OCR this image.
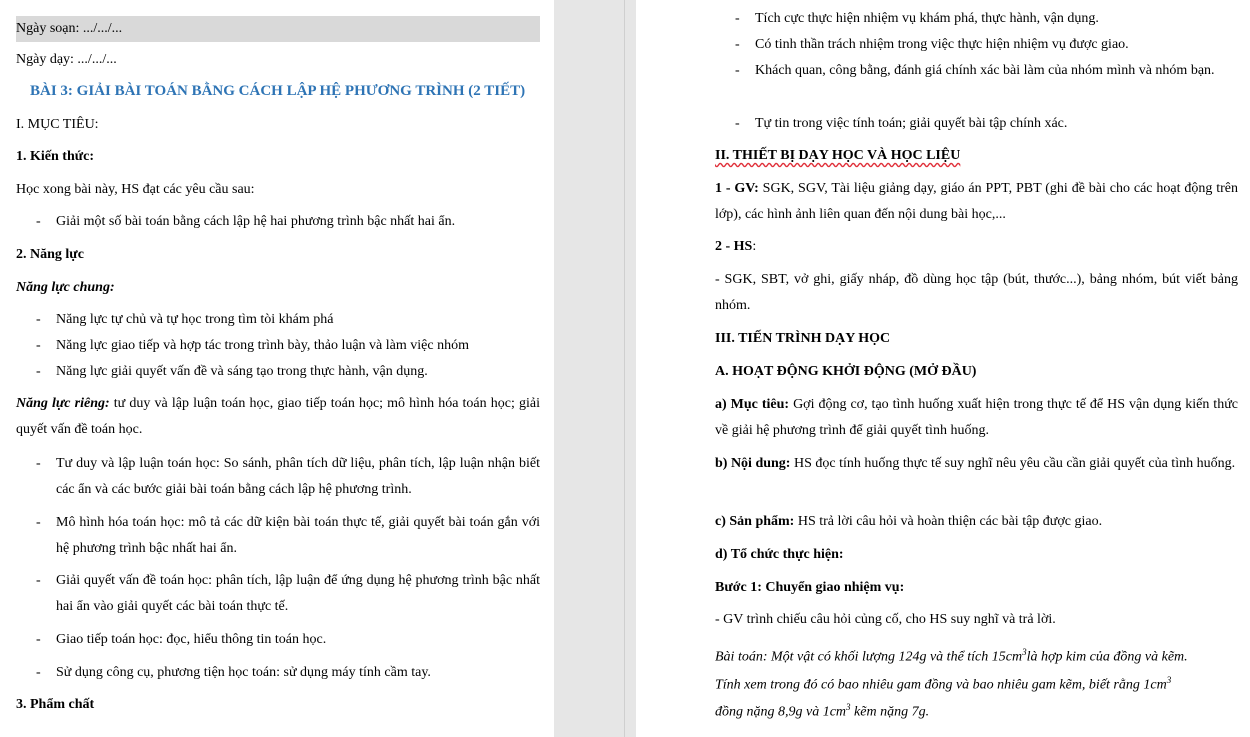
Ngày soạn: .../.../...
Ngày dạy: .../.../...
BÀI 3: GIẢI BÀI TOÁN BẰNG CÁCH LẬP HỆ PHƯƠNG TRÌNH (2 TIẾT)
I. MỤC TIÊU:
1. Kiến thức:
Học xong bài này, HS đạt các yêu cầu sau:
- Giải một số bài toán bằng cách lập hệ hai phương trình bậc nhất hai ẩn.
2. Năng lực
Năng lực chung:
- Năng lực tự chủ và tự học trong tìm tòi khám phá
- Năng lực giao tiếp và hợp tác trong trình bày, thảo luận và làm việc nhóm
- Năng lực giải quyết vấn đề và sáng tạo trong thực hành, vận dụng.
Năng lực riêng: tư duy và lập luận toán học, giao tiếp toán học; mô hình hóa toán học; giải quyết vấn đề toán học.
- Tư duy và lập luận toán học: So sánh, phân tích dữ liệu, phân tích, lập luận nhận biết các ẩn và các bước giải bài toán bằng cách lập hệ phương trình.
- Mô hình hóa toán học: mô tả các dữ kiện bài toán thực tế, giải quyết bài toán gắn với hệ phương trình bậc nhất hai ẩn.
- Giải quyết vấn đề toán học: phân tích, lập luận để ứng dụng hệ phương trình bậc nhất hai ẩn vào giải quyết các bài toán thực tế.
- Giao tiếp toán học: đọc, hiểu thông tin toán học.
- Sử dụng công cụ, phương tiện học toán: sử dụng máy tính cầm tay.
3. Phẩm chất
- Tích cực thực hiện nhiệm vụ khám phá, thực hành, vận dụng.
- Có tinh thần trách nhiệm trong việc thực hiện nhiệm vụ được giao.
- Khách quan, công bằng, đánh giá chính xác bài làm của nhóm mình và nhóm bạn.
- Tự tin trong việc tính toán; giải quyết bài tập chính xác.
II. THIẾT BỊ DẠY HỌC VÀ HỌC LIỆU
1 - GV: SGK, SGV, Tài liệu giảng dạy, giáo án PPT, PBT (ghi đề bài cho các hoạt động trên lớp), các hình ảnh liên quan đến nội dung bài học,...
2 - HS:
- SGK, SBT, vở ghi, giấy nháp, đồ dùng học tập (bút, thước...), bảng nhóm, bút viết bảng nhóm.
III. TIẾN TRÌNH DẠY HỌC
A. HOẠT ĐỘNG KHỞI ĐỘNG (MỞ ĐẦU)
a) Mục tiêu: Gợi động cơ, tạo tình huống xuất hiện trong thực tế để HS vận dụng kiến thức về giải hệ phương trình để giải quyết tình huống.
b) Nội dung: HS đọc tính huống thực tế suy nghĩ nêu yêu cầu cần giải quyết của tình huống.
c) Sản phẩm: HS trả lời câu hỏi và hoàn thiện các bài tập được giao.
d) Tổ chức thực hiện:
Bước 1: Chuyển giao nhiệm vụ:
- GV trình chiếu câu hỏi củng cố, cho HS suy nghĩ và trả lời.
Bài toán: Một vật có khối lượng 124g và thể tích $15cm^3là$ hợp kim của đồng và kẽm.
Tính xem trong đó có bao nhiêu gam đồng và bao nhiêu gam kẽm, biết rằng $1cm^3$
đồng nặng 8,9g và $1cm^3$ kẽm nặng 7g.
